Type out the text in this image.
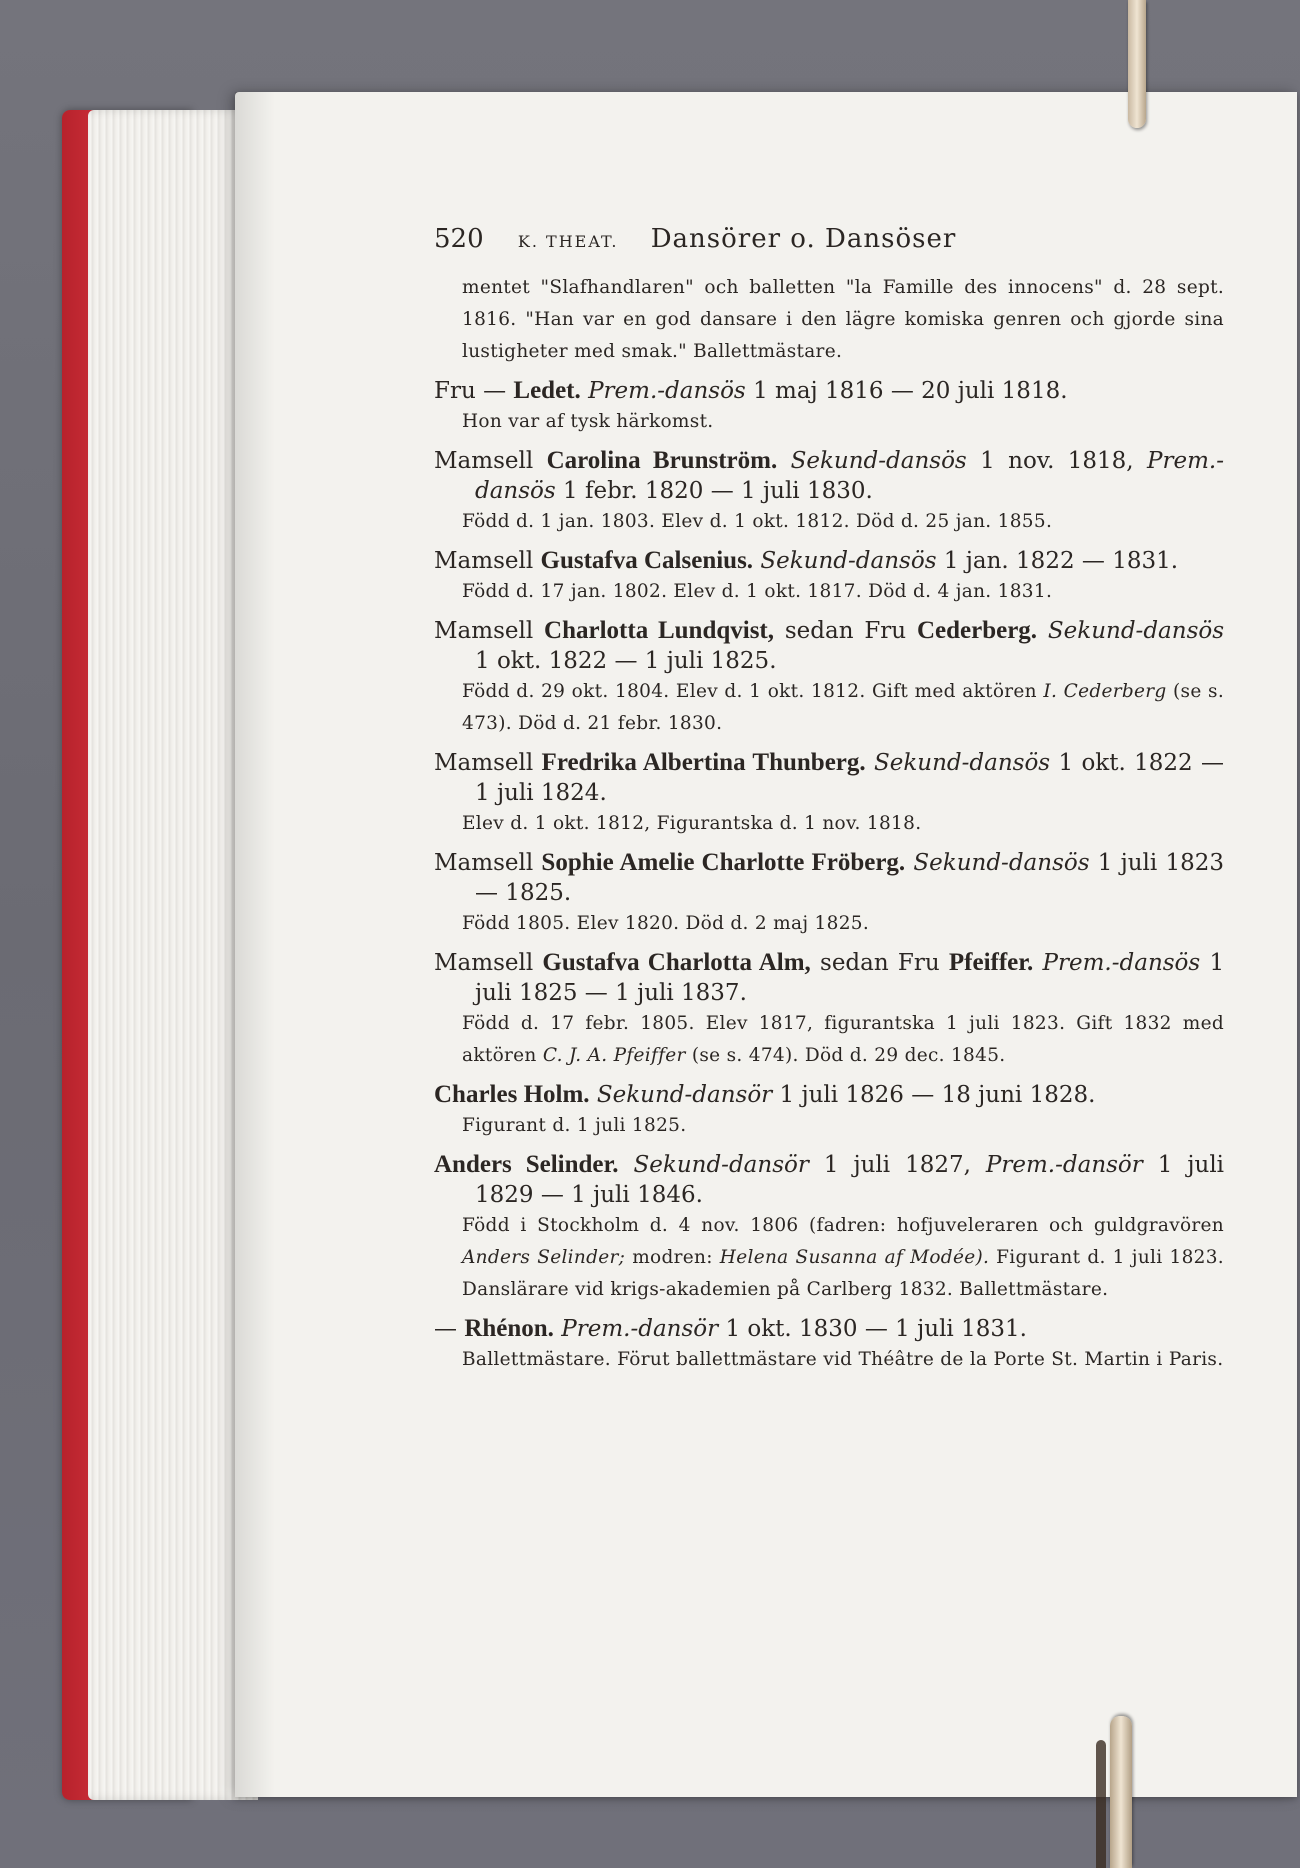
520 K. THEAT. Dansörer o. Dansöser
mentet "Slafhandlaren" och balletten "la Famille des innocens" d. 28 sept. 1816. "Han var en god dansare i den lägre komiska genren och gjorde sina lustigheter med smak." Ballettmästare.
Fru — Ledet. Prem.-dansös 1 maj 1816 — 20 juli 1818.
Hon var af tysk härkomst.
Mamsell Carolina Brunström. Sekund-dansös 1 nov. 1818, Prem.-dansös 1 febr. 1820 — 1 juli 1830.
Född d. 1 jan. 1803. Elev d. 1 okt. 1812. Död d. 25 jan. 1855.
Mamsell Gustafva Calsenius. Sekund-dansös 1 jan. 1822 — 1831.
Född d. 17 jan. 1802. Elev d. 1 okt. 1817. Död d. 4 jan. 1831.
Mamsell Charlotta Lundqvist, sedan Fru Cederberg. Sekund-dansös 1 okt. 1822 — 1 juli 1825.
Född d. 29 okt. 1804. Elev d. 1 okt. 1812. Gift med aktören I. Cederberg (se s. 473). Död d. 21 febr. 1830.
Mamsell Fredrika Albertina Thunberg. Sekund-dansös 1 okt. 1822 — 1 juli 1824.
Elev d. 1 okt. 1812, Figurantska d. 1 nov. 1818.
Mamsell Sophie Amelie Charlotte Fröberg. Sekund-dansös 1 juli 1823 — 1825.
Född 1805. Elev 1820. Död d. 2 maj 1825.
Mamsell Gustafva Charlotta Alm, sedan Fru Pfeiffer. Prem.-dansös 1 juli 1825 — 1 juli 1837.
Född d. 17 febr. 1805. Elev 1817, figurantska 1 juli 1823. Gift 1832 med aktören C. J. A. Pfeiffer (se s. 474). Död d. 29 dec. 1845.
Charles Holm. Sekund-dansör 1 juli 1826 — 18 juni 1828.
Figurant d. 1 juli 1825.
Anders Selinder. Sekund-dansör 1 juli 1827, Prem.-dansör 1 juli 1829 — 1 juli 1846.
Född i Stockholm d. 4 nov. 1806 (fadren: hofjuveleraren och guldgravören Anders Selinder; modren: Helena Susanna af Modée). Figurant d. 1 juli 1823. Danslärare vid krigs-akademien på Carlberg 1832. Ballettmästare.
— Rhénon. Prem.-dansör 1 okt. 1830 — 1 juli 1831.
Ballettmästare. Förut ballettmästare vid Théâtre de la Porte St. Martin i Paris.
